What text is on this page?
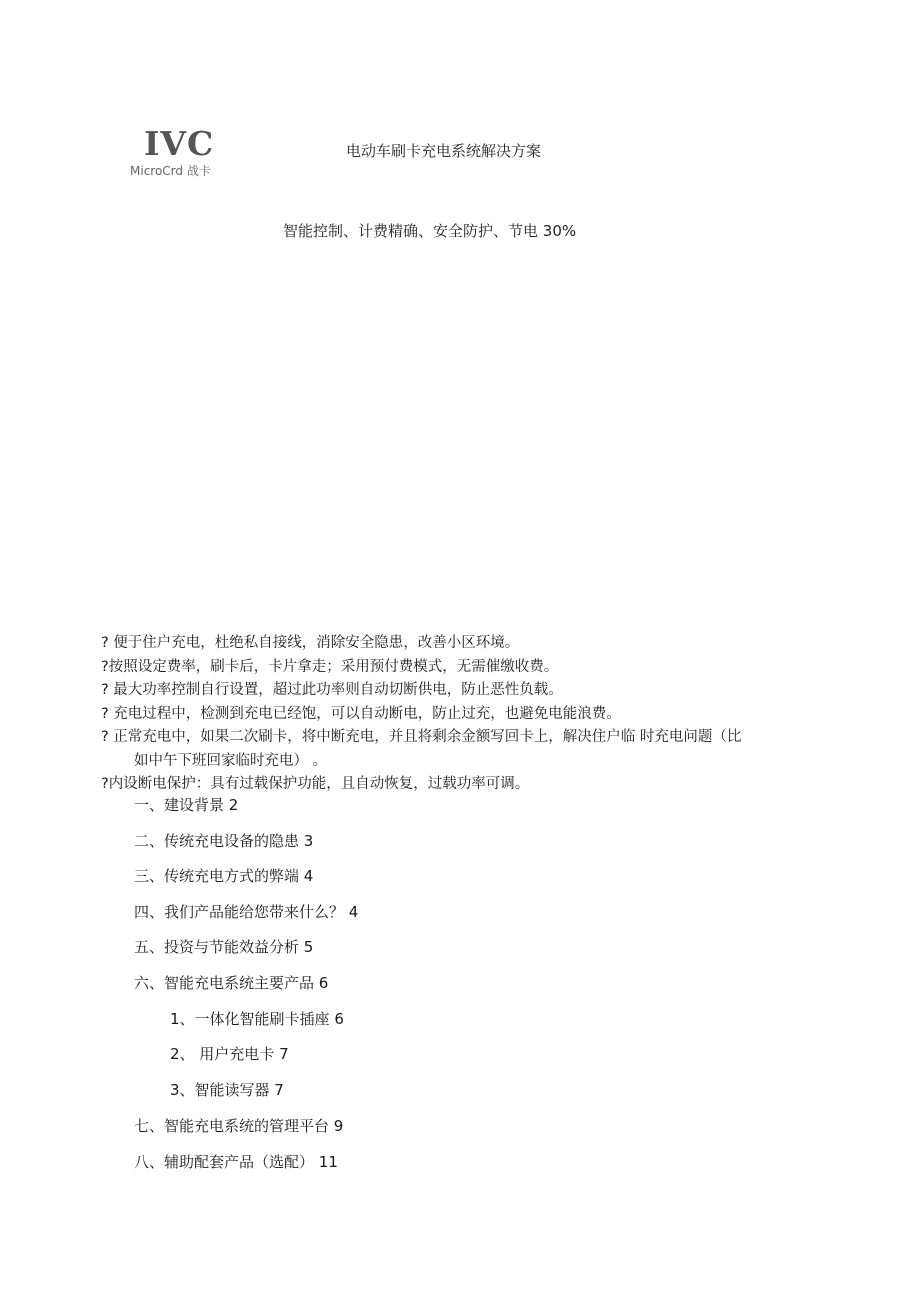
IVC
MicroCrd 战卡
电动车刷卡充电系统解决方案
智能控制、计费精确、安全防护、节电 30%

? 便于住户充电，杜绝私自接线，消除安全隐患，改善小区环境。

?按照设定费率，刷卡后，卡片拿走；采用预付费模式，无需催缴收费。

? 最大功率控制自行设置，超过此功率则自动切断供电，防止恶性负载。

? 充电过程中，检测到充电已经饱，可以自动断电，防止过充，也避免电能浪费。

? 正常充电中，如果二次刷卡，将中断充电，并且将剩余金额写回卡上，解决住户临 时充电问题（比
如中午下班回家临时充电） 。

?内设断电保护：具有过载保护功能，且自动恢复，过载功率可调。

一、建设背景 2
二、传统充电设备的隐患 3
三、传统充电方式的弊端 4
四、我们产品能给您带来什么？ 4
五、投资与节能效益分析 5
六、智能充电系统主要产品 6
1、一体化智能刷卡插座 6
2、 用户充电卡 7
3、智能读写器 7
七、智能充电系统的管理平台 9
八、辅助配套产品（选配） 11
